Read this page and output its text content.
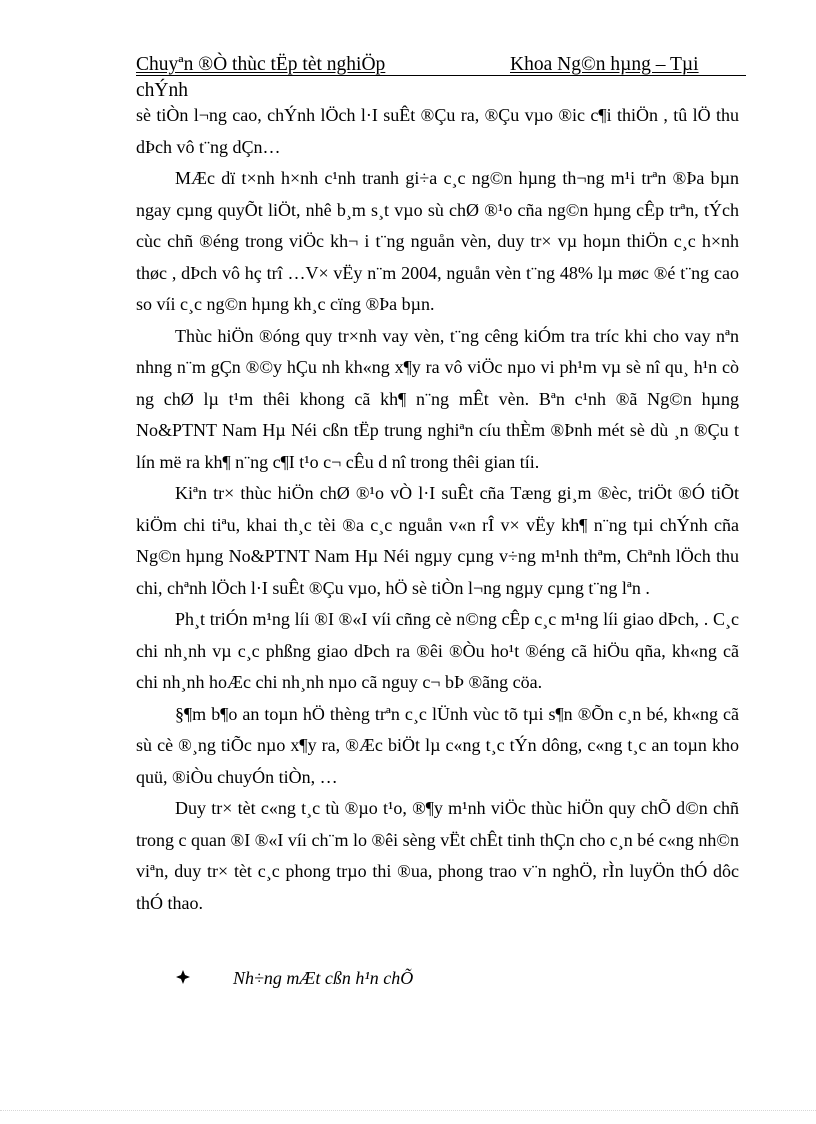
Chuyªn ®Ò thùc tËp tèt nghiÖp	Khoa Ng©n hµng – Tµi
chÝnh

sè tiÒn l¬ng cao, chÝnh lÖch l·I suÊt ®Çu ra, ®Çu vµo ®ic c¶i thiÖn , tû lÖ thu dÞch vô t¨ng dÇn…

MÆc dï t×nh h×nh c¹nh tranh gi÷a c¸c ng©n hµng th¬ng m¹i trªn ®Þa bµn ngay cµng quyÕt liÖt, nhê b¸m s¸t vµo sù chØ ®¹o cña ng©n hµng cÊp trªn, tÝch cùc chñ ®éng trong viÖc kh¬ i t¨ng nguån vèn, duy tr× vµ hoµn thiÖn c¸c h×nh thøc , dÞch vô hç trî …V× vËy n¨m 2004, nguån vèn t¨ng 48% lµ møc ®é t¨ng cao so víi c¸c ng©n hµng kh¸c cïng ®Þa bµn.

Thùc hiÖn ®óng quy tr×nh vay vèn, t¨ng cêng kiÓm tra tríc khi cho vay nªn nhng n¨m gÇn ®©y hÇu nh kh«ng x¶y ra vô viÖc nµo vi ph¹m vµ sè nî qu¸ h¹n cò ng chØ lµ t¹m thêi khong cã kh¶ n¨ng mÊt vèn. Bªn c¹nh ®ã Ng©n hµng No&PTNT Nam Hµ Néi cßn tËp trung nghiªn cíu thÈm ®Þnh mét sè dù ¸n ®Çu t lín më ra kh¶ n¨ng c¶I t¹o c¬ cÊu d nî trong thêi gian tíi.

Kiªn tr× thùc hiÖn chØ ®¹o vÒ l·I suÊt cña Tæng gi¸m ®èc, triÖt ®Ó tiÕt kiÖm chi tiªu, khai th¸c tèi ®a c¸c nguån v«n rÎ v× vËy kh¶ n¨ng tµi chÝnh cña Ng©n hµng No&PTNT Nam Hµ Néi ngµy cµng v÷ng m¹nh thªm, Chªnh lÖch thu chi, chªnh lÖch l·I suÊt ®Çu vµo, hÖ sè tiÒn l¬ng ngµy cµng t¨ng lªn .

Ph¸t triÓn m¹ng líi ®I ®«I víi cñng cè n©ng cÊp c¸c m¹ng líi giao dÞch, . C¸c chi nh¸nh vµ c¸c phßng giao dÞch ra ®êi ®Òu ho¹t ®éng cã hiÖu qña, kh«ng cã chi nh¸nh hoÆc chi nh¸nh nµo cã nguy c¬ bÞ ®ãng cöa.

§¶m b¶o an toµn hÖ thèng trªn c¸c lÜnh vùc tõ tµi s¶n ®Õn c¸n bé, kh«ng cã sù cè ®¸ng tiÕc nµo x¶y ra, ®Æc biÖt lµ c«ng t¸c tÝn dông, c«ng t¸c an toµn kho quü, ®iÒu chuyÓn tiÒn, …

Duy tr× tèt c«ng t¸c tù ®µo t¹o, ®¶y m¹nh viÖc thùc hiÖn quy chÕ d©n chñ trong c quan ®I ®«I víi ch¨m lo ®êi sèng vËt chÊt tinh thÇn cho c¸n bé c«ng nh©n viªn, duy tr× tèt c¸c phong trµo thi ®ua, phong trao v¨n nghÖ, rÌn luyÖn thÓ dôc thÓ thao.

Nh÷ng mÆt cßn h¹n chÕ
